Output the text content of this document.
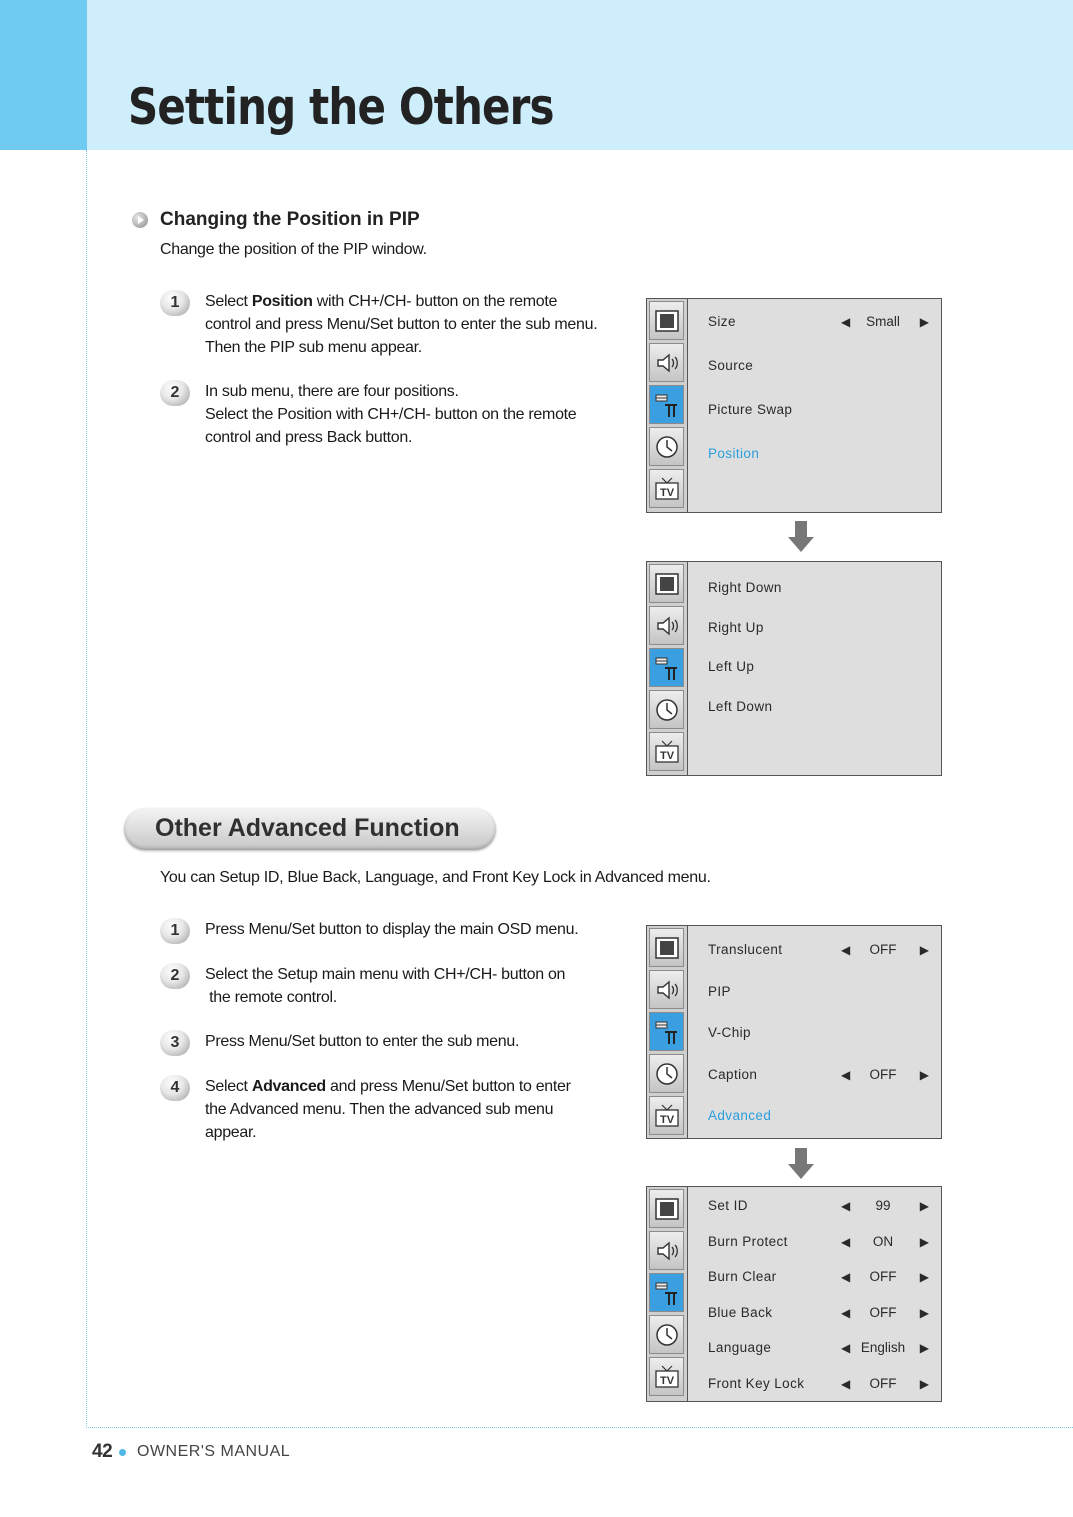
Setting the Others
Changing the Position in PIP
Change the position of the PIP window.
1	Select Position with CH+/CH- button on the remote
control and press Menu/Set button to enter the sub menu.
Then the PIP sub menu appear.
2	In sub menu, there are four positions.
Select the Position with CH+/CH- button on the remote
control and press Back button.
TV
Size	◀	Small	▶
Source
Picture Swap
Position
TV
Right Down
Right Up
Left Up
Left Down
Other Advanced Function
You can Setup ID, Blue Back, Language, and Front Key Lock in Advanced menu.
1	Press Menu/Set button to display the main OSD menu.
2	Select the Setup main menu with CH+/CH- button on
the remote control.
3	Press Menu/Set button to enter the sub menu.
4	Select Advanced and press Menu/Set button to enter
the Advanced menu. Then the advanced sub menu
appear.
TV
Translucent	◀	OFF	▶
PIP
V-Chip
Caption	◀	OFF	▶
Advanced
TV
Set ID	◀	99	▶
Burn Protect	◀	ON	▶
Burn Clear	◀	OFF	▶
Blue Back	◀	OFF	▶
Language	◀ English	▶
Front Key Lock	◀	OFF	▶
42 OWNER'S MANUAL
